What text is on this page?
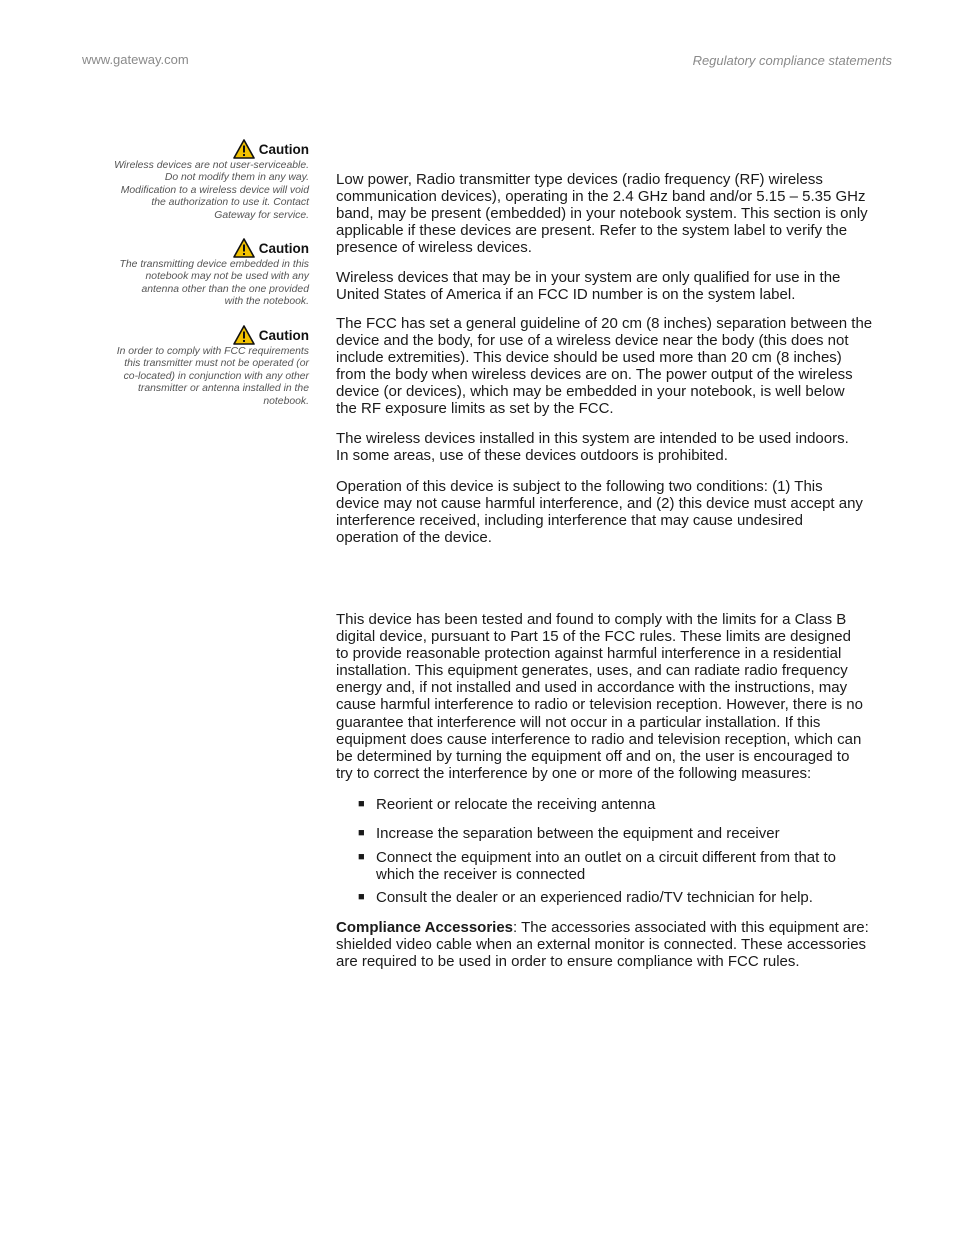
www.gateway.com	Regulatory compliance statements
Caution
Wireless devices are not user-serviceable.
Do not modify them in any way.
Modification to a wireless device will void
the authorization to use it. Contact
Gateway for service.
Caution
The transmitting device embedded in this
notebook may not be used with any
antenna other than the one provided
with the notebook.
Caution
In order to comply with FCC requirements
this transmitter must not be operated (or
co-located) in conjunction with any other
transmitter or antenna installed in the
notebook.

Low power, Radio transmitter type devices (radio frequency (RF) wireless
communication devices), operating in the 2.4 GHz band and/or 5.15 – 5.35 GHz
band, may be present (embedded) in your notebook system. This section is only
applicable if these devices are present. Refer to the system label to verify the
presence of wireless devices.

Wireless devices that may be in your system are only qualified for use in the
United States of America if an FCC ID number is on the system label.

The FCC has set a general guideline of 20 cm (8 inches) separation between the
device and the body, for use of a wireless device near the body (this does not
include extremities). This device should be used more than 20 cm (8 inches)
from the body when wireless devices are on. The power output of the wireless
device (or devices), which may be embedded in your notebook, is well below
the RF exposure limits as set by the FCC.

The wireless devices installed in this system are intended to be used indoors.
In some areas, use of these devices outdoors is prohibited.

Operation of this device is subject to the following two conditions: (1) This
device may not cause harmful interference, and (2) this device must accept any
interference received, including interference that may cause undesired
operation of the device.

This device has been tested and found to comply with the limits for a Class B
digital device, pursuant to Part 15 of the FCC rules. These limits are designed
to provide reasonable protection against harmful interference in a residential
installation. This equipment generates, uses, and can radiate radio frequency
energy and, if not installed and used in accordance with the instructions, may
cause harmful interference to radio or television reception. However, there is no
guarantee that interference will not occur in a particular installation. If this
equipment does cause interference to radio and television reception, which can
be determined by turning the equipment off and on, the user is encouraged to
try to correct the interference by one or more of the following measures:

■ Reorient or relocate the receiving antenna
■ Increase the separation between the equipment and receiver
■ Connect the equipment into an outlet on a circuit different from that to
which the receiver is connected
■ Consult the dealer or an experienced radio/TV technician for help.

Compliance Accessories: The accessories associated with this equipment are:
shielded video cable when an external monitor is connected. These accessories
are required to be used in order to ensure compliance with FCC rules.
